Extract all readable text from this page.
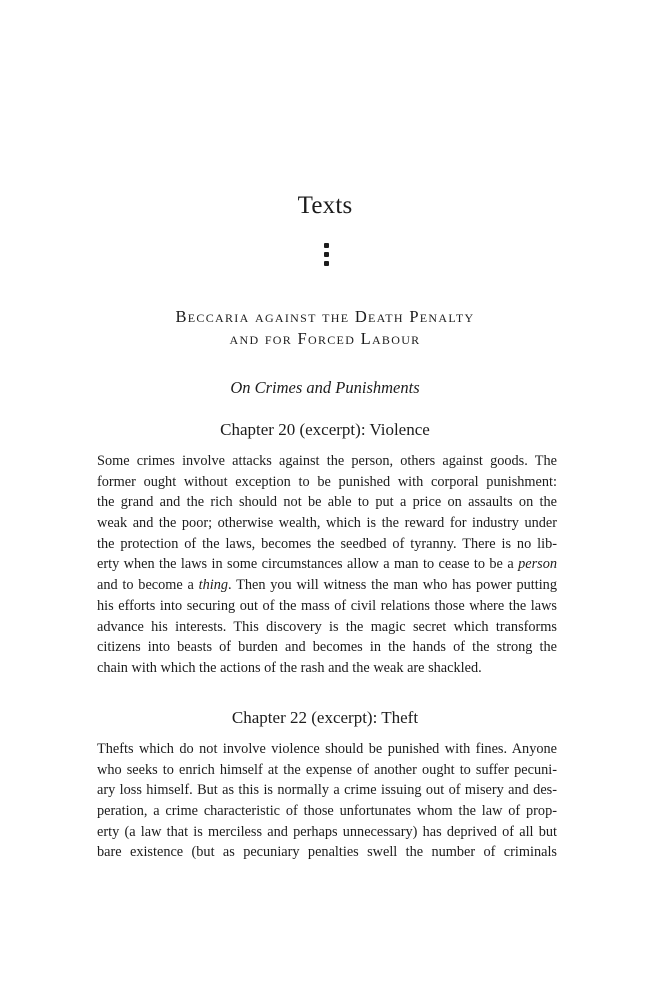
Texts
Beccaria against the Death Penalty
and for Forced Labour
On Crimes and Punishments
Chapter 20 (excerpt): Violence
Some crimes involve attacks against the person, others against goods. The
former ought without exception to be punished with corporal punishment:
the grand and the rich should not be able to put a price on assaults on the
weak and the poor; otherwise wealth, which is the reward for industry under
the protection of the laws, becomes the seedbed of tyranny. There is no lib-
erty when the laws in some circumstances allow a man to cease to be a person
and to become a thing. Then you will witness the man who has power putting
his efforts into securing out of the mass of civil relations those where the laws
advance his interests. This discovery is the magic secret which transforms
citizens into beasts of burden and becomes in the hands of the strong the
chain with which the actions of the rash and the weak are shackled.
Chapter 22 (excerpt): Theft
Thefts which do not involve violence should be punished with fines. Anyone
who seeks to enrich himself at the expense of another ought to suffer pecuni-
ary loss himself. But as this is normally a crime issuing out of misery and des-
peration, a crime characteristic of those unfortunates whom the law of prop-
erty (a law that is merciless and perhaps unnecessary) has deprived of all but
bare existence (but as pecuniary penalties swell the number of criminals
